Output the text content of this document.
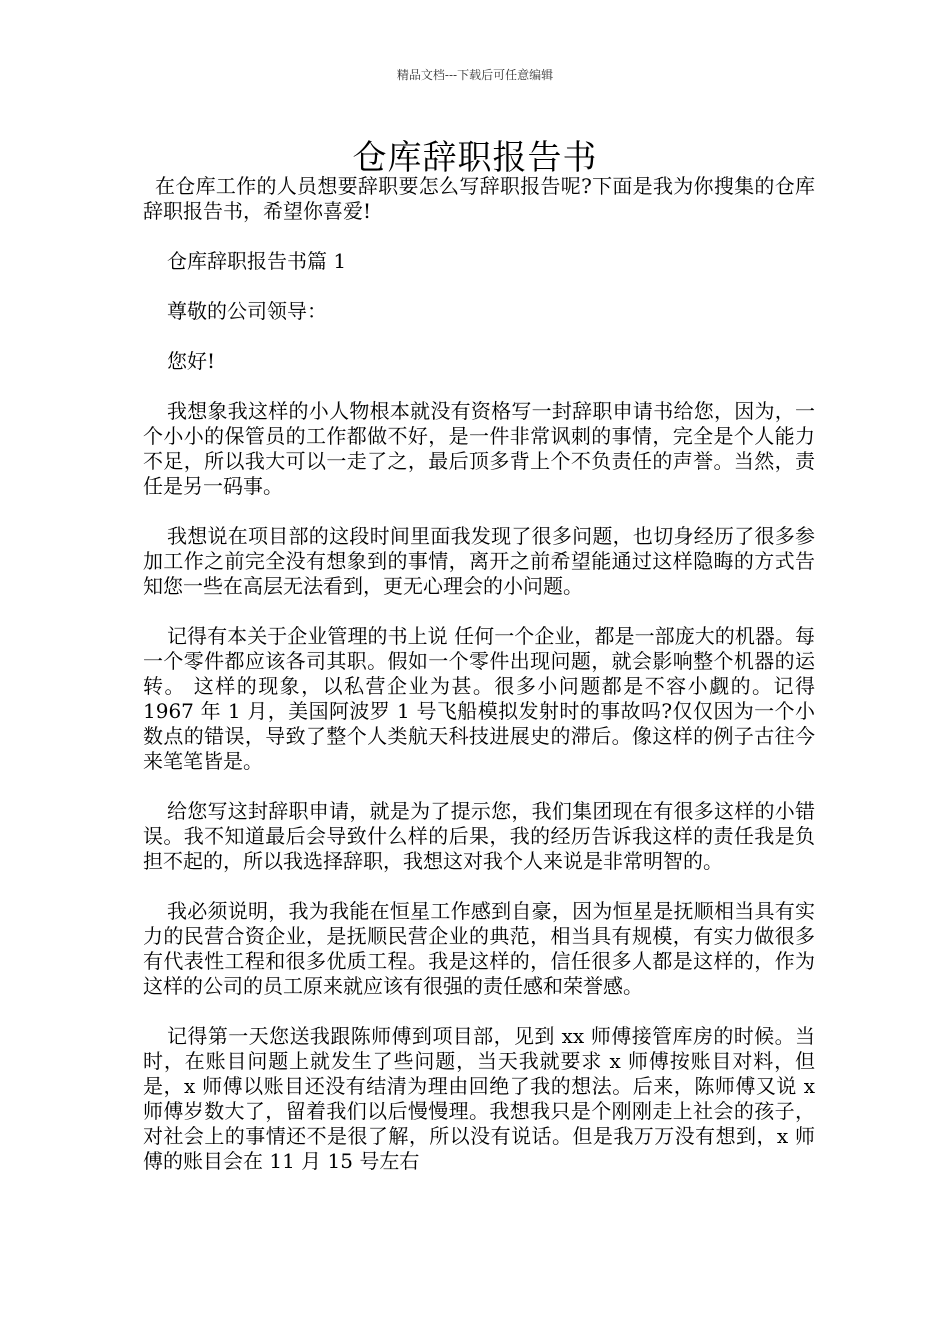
精品文档---下载后可任意编辑
仓库辞职报告书

在仓库工作的人员想要辞职要怎么写辞职报告呢?下面是我为你搜集的仓库辞职报告书，希望你喜爱!

仓库辞职报告书篇 1

尊敬的公司领导：

您好!

我想象我这样的小人物根本就没有资格写一封辞职申请书给您，因为，一个小小的保管员的工作都做不好，是一件非常讽刺的事情，完全是个人能力不足，所以我大可以一走了之，最后顶多背上个不负责任的声誉。当然，责任是另一码事。

我想说在项目部的这段时间里面我发现了很多问题，也切身经历了很多参加工作之前完全没有想象到的事情，离开之前希望能通过这样隐晦的方式告知您一些在高层无法看到，更无心理会的小问题。

记得有本关于企业管理的书上说 任何一个企业，都是一部庞大的机器。每一个零件都应该各司其职。假如一个零件出现问题，就会影响整个机器的运转。 这样的现象，以私营企业为甚。很多小问题都是不容小觑的。记得 1967 年 1 月，美国阿波罗 1 号飞船模拟发射时的事故吗?仅仅因为一个小数点的错误，导致了整个人类航天科技进展史的滞后。像这样的例子古往今来笔笔皆是。

给您写这封辞职申请，就是为了提示您，我们集团现在有很多这样的小错误。我不知道最后会导致什么样的后果，我的经历告诉我这样的责任我是负担不起的，所以我选择辞职，我想这对我个人来说是非常明智的。

我必须说明，我为我能在恒星工作感到自豪，因为恒星是抚顺相当具有实力的民营合资企业，是抚顺民营企业的典范，相当具有规模，有实力做很多有代表性工程和很多优质工程。我是这样的，信任很多人都是这样的，作为这样的公司的员工原来就应该有很强的责任感和荣誉感。

记得第一天您送我跟陈师傅到项目部，见到 xx 师傅接管库房的时候。当时，在账目问题上就发生了些问题，当天我就要求 x 师傅按账目对料，但是，x 师傅以账目还没有结清为理由回绝了我的想法。后来，陈师傅又说 x 师傅岁数大了，留着我们以后慢慢理。我想我只是个刚刚走上社会的孩子，对社会上的事情还不是很了解，所以没有说话。但是我万万没有想到，x 师傅的账目会在 11 月 15 号左右
